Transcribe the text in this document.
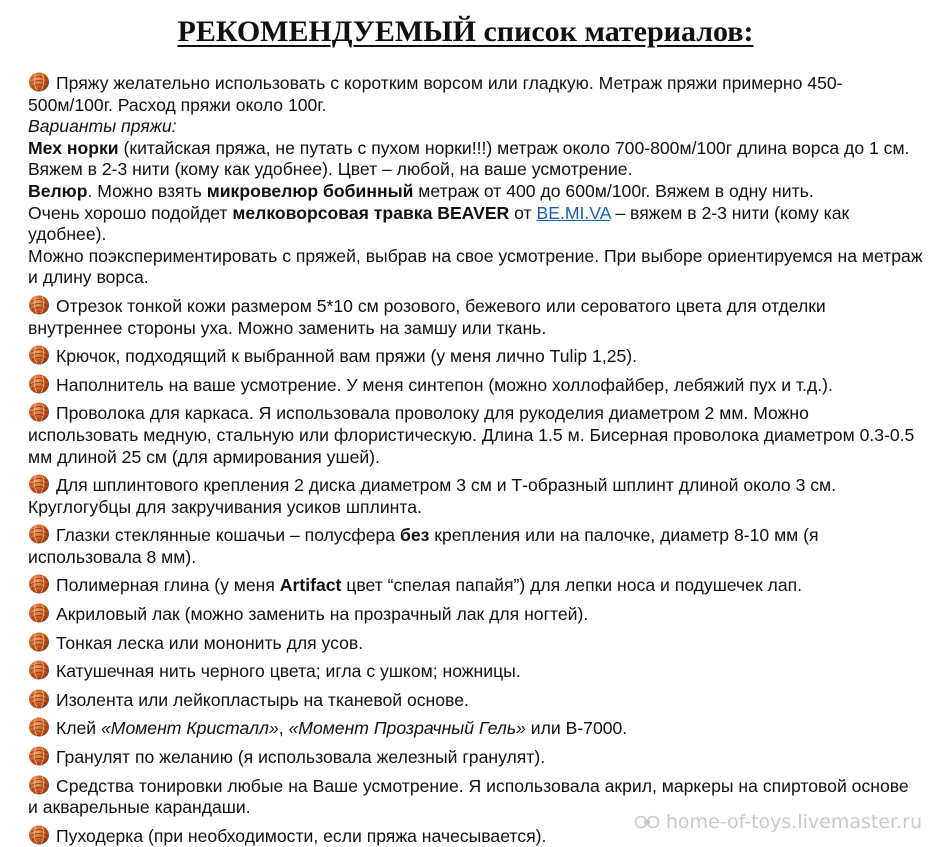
РЕКОМЕНДУЕМЫЙ список материалов:

Пряжу желательно использовать с коротким ворсом или гладкую. Метраж пряжи примерно 450-500м/100г. Расход пряжи около 100г.

Варианты пряжи:

Мех норки (китайская пряжа, не путать с пухом норки!!!) метраж около 700-800м/100г длина ворса до 1 см. Вяжем в 2-3 нити (кому как удобнее). Цвет – любой, на ваше усмотрение.

Велюр. Можно взять микровелюр бобинный метраж от 400 до 600м/100г. Вяжем в одну нить.

Очень хорошо подойдет мелковорсовая травка BEAVER от BE.MI.VA – вяжем в 2-3 нити (кому как удобнее).

Можно поэкспериментировать с пряжей, выбрав на свое усмотрение. При выборе ориентируемся на метраж и длину ворса.

Отрезок тонкой кожи размером 5*10 см розового, бежевого или сероватого цвета для отделки внутреннее стороны уха. Можно заменить на замшу или ткань.

Крючок, подходящий к выбранной вам пряжи (у меня лично Tulip 1,25).

Наполнитель на ваше усмотрение. У меня синтепон (можно холлофайбер, лебяжий пух и т.д.).

Проволока для каркаса. Я использовала проволоку для рукоделия диаметром 2 мм. Можно использовать медную, стальную или флористическую. Длина 1.5 м. Бисерная проволока диаметром 0.3-0.5 мм длиной 25 см (для армирования ушей).

Для шплинтового крепления 2 диска диаметром 3 см и Т-образный шплинт длиной около 3 см. Круглогубцы для закручивания усиков шплинта.

Глазки стеклянные кошачьи – полусфера без крепления или на палочке, диаметр 8-10 мм (я использовала 8 мм).

Полимерная глина (у меня Artifact цвет “спелая папайя”) для лепки носа и подушечек лап.

Акриловый лак (можно заменить на прозрачный лак для ногтей).

Тонкая леска или мононить для усов.

Катушечная нить черного цвета; игла с ушком; ножницы.

Изолента или лейкопластырь на тканевой основе.

Клей «Момент Кристалл», «Момент Прозрачный Гель» или В-7000.

Гранулят по желанию (я использовала железный гранулят).

Средства тонировки любые на Ваше усмотрение. Я использовала акрил, маркеры на спиртовой основе и акварельные карандаши.

Пуходерка (при необходимости, если пряжа начесывается).

home-of-toys.livemaster.ru
